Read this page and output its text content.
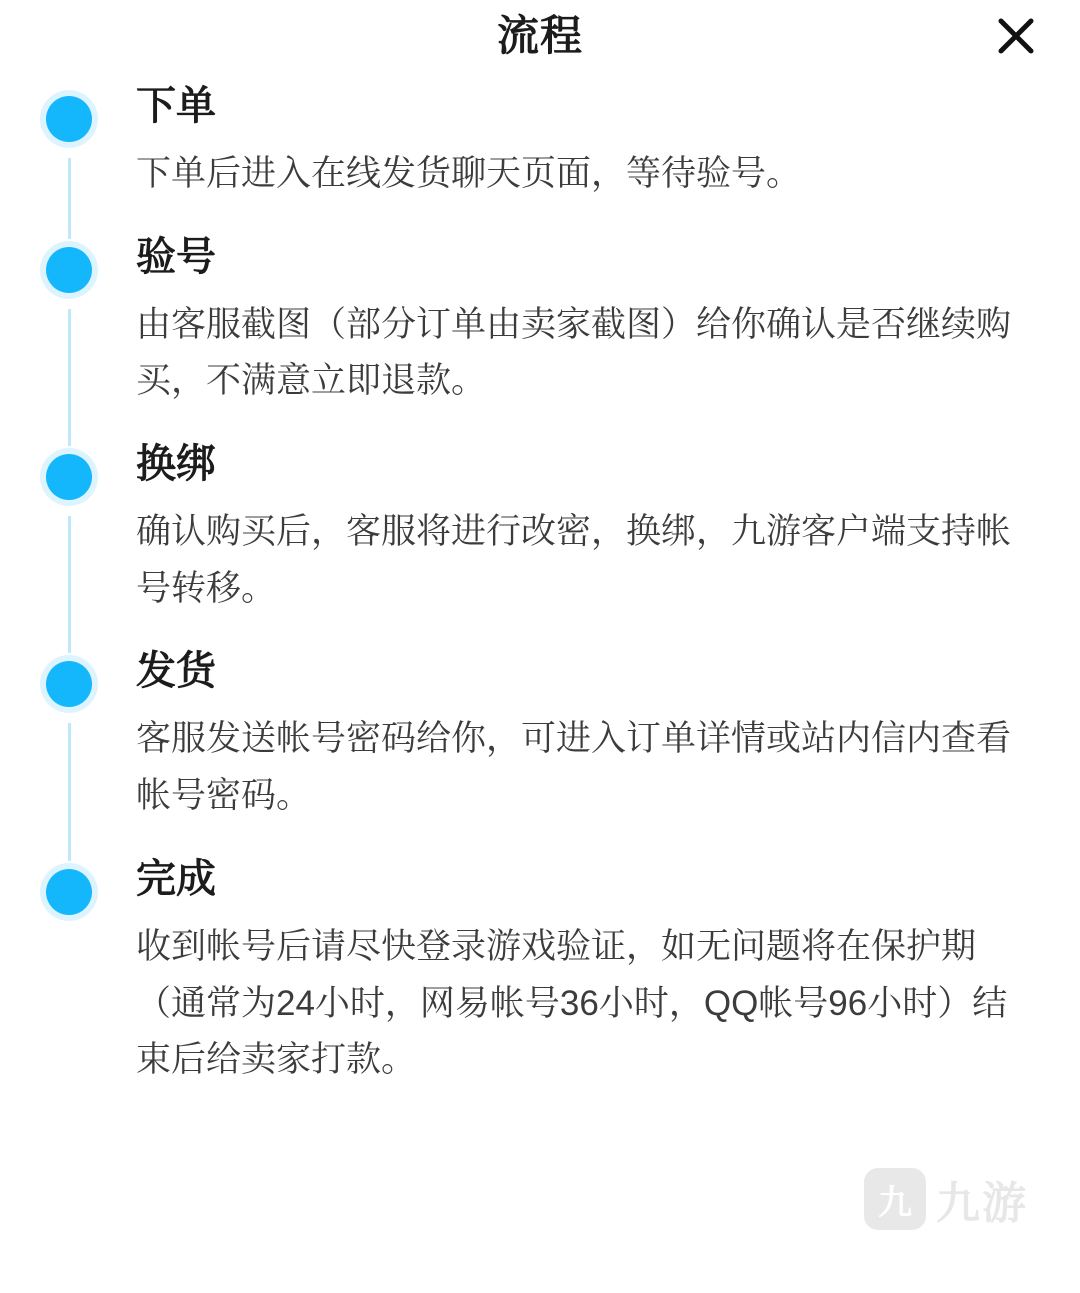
流程
下单
下单后进入在线发货聊天页面，等待验号。
验号
由客服截图（部分订单由卖家截图）给你确认是否继续购买，不满意立即退款。
换绑
确认购买后，客服将进行改密，换绑，九游客户端支持帐号转移。
发货
客服发送帐号密码给你，可进入订单详情或站内信内查看帐号密码。
完成
收到帐号后请尽快登录游戏验证，如无问题将在保护期（通常为24小时，网易帐号36小时，QQ帐号96小时）结束后给卖家打款。
九 九游
